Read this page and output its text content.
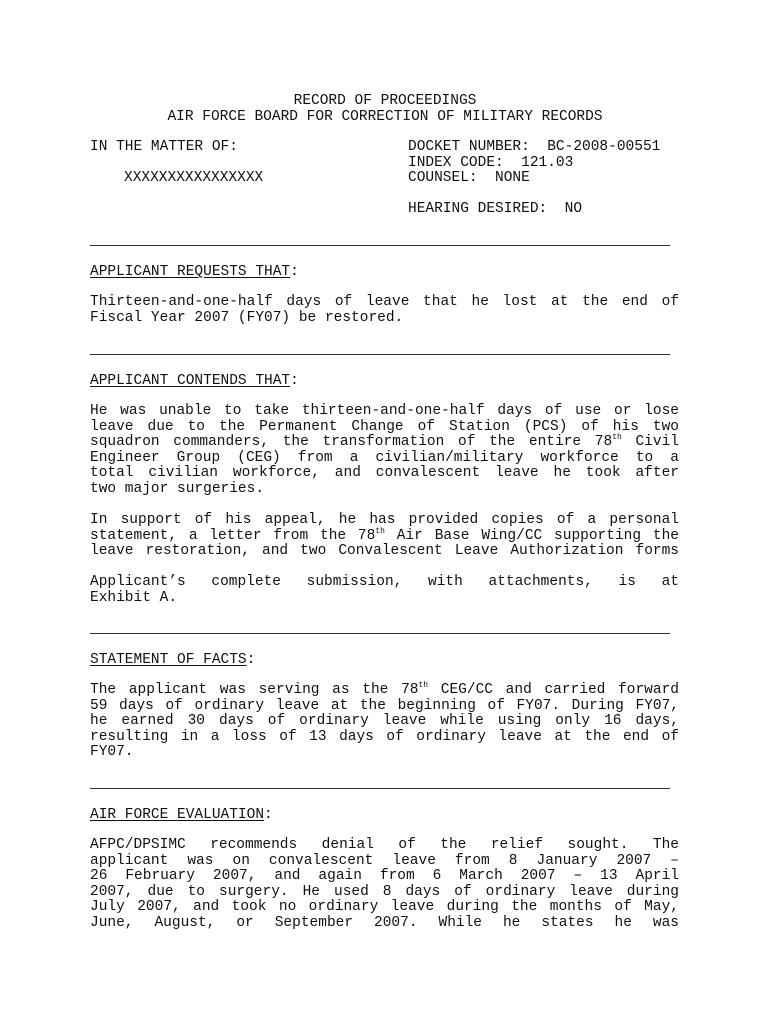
RECORD OF PROCEEDINGS
AIR FORCE BOARD FOR CORRECTION OF MILITARY RECORDS
IN THE MATTER OF:
XXXXXXXXXXXXXXXX
DOCKET NUMBER:  BC-2008-00551
INDEX CODE:  121.03
COUNSEL:  NONE
HEARING DESIRED:  NO
APPLICANT REQUESTS THAT:
Thirteen-and-one-half days of leave that he lost at the end of
Fiscal Year 2007 (FY07) be restored.
APPLICANT CONTENDS THAT:
He was unable to take thirteen-and-one-half days of use or lose
leave due to the Permanent Change of Station (PCS) of his two
squadron commanders, the transformation of the entire 78th Civil
Engineer Group (CEG) from a civilian/military workforce to a
total civilian workforce, and convalescent leave he took after
two major surgeries.
In support of his appeal, he has provided copies of a personal
statement, a letter from the 78th Air Base Wing/CC supporting the
leave restoration, and two Convalescent Leave Authorization forms
Applicant’s complete submission, with attachments, is at
Exhibit A.
STATEMENT OF FACTS:
The applicant was serving as the 78th CEG/CC and carried forward
59 days of ordinary leave at the beginning of FY07. During FY07,
he earned 30 days of ordinary leave while using only 16 days,
resulting in a loss of 13 days of ordinary leave at the end of
FY07.
AIR FORCE EVALUATION:
AFPC/DPSIMC recommends denial of the relief sought. The
applicant was on convalescent leave from 8 January 2007 –
26 February 2007, and again from 6 March 2007 – 13 April
2007, due to surgery. He used 8 days of ordinary leave during
July 2007, and took no ordinary leave during the months of May,
June, August, or September 2007. While he states he was
